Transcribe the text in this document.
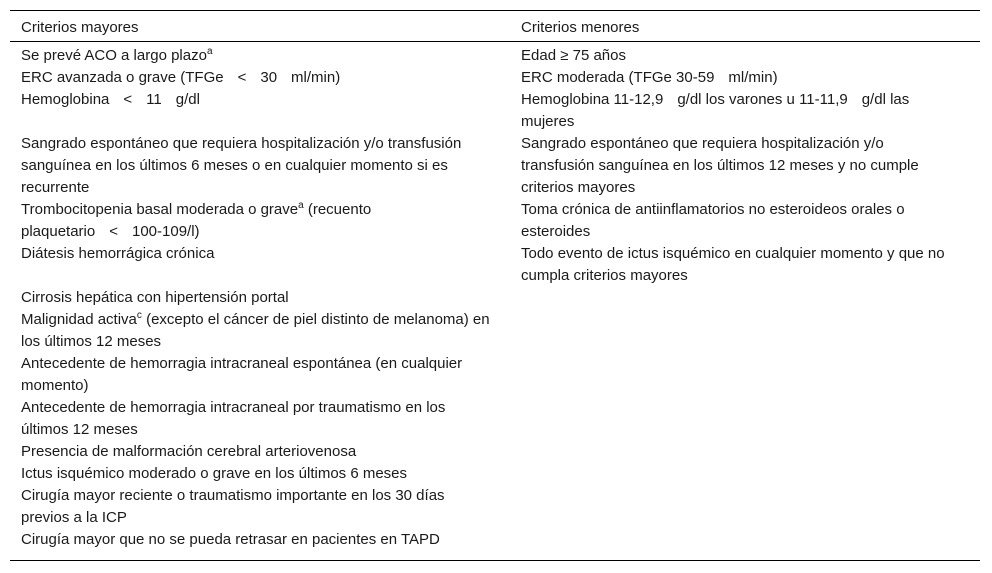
Criterios mayores	Criterios menores
Se prevé ACO a largo plazo$^a$
ERC avanzada o grave (TFGe < 30 ml/min)
Hemoglobina < 11 g/dl
Sangrado espontáneo que requiera hospitalización y/o transfusión sanguínea en los últimos 6 meses o en cualquier momento si es recurrente
Trombocitopenia basal moderada o grave$^a$ (recuento
plaquetario < 100-109/l)
Diátesis hemorrágica crónica
Cirrosis hepática con hipertensión portal
Malignidad activa$^c$ (excepto el cáncer de piel distinto de melanoma) en los últimos 12 meses
Antecedente de hemorragia intracraneal espontánea (en cualquier momento)
Antecedente de hemorragia intracraneal por traumatismo en los últimos 12 meses
Presencia de malformación cerebral arteriovenosa
Ictus isquémico moderado o grave en los últimos 6 meses
Cirugía mayor reciente o traumatismo importante en los 30 días previos a la ICP
Cirugía mayor que no se pueda retrasar en pacientes en TAPD
Edad ≥ 75 años
ERC moderada (TFGe 30-59 ml/min)
Hemoglobina 11-12,9 g/dl los varones u 11-11,9 g/dl las mujeres
Sangrado espontáneo que requiera hospitalización y/o transfusión sanguínea en los últimos 12 meses y no cumple criterios mayores
Toma crónica de antiinflamatorios no esteroideos orales o esteroides
Todo evento de ictus isquémico en cualquier momento y que no cumpla criterios mayores
